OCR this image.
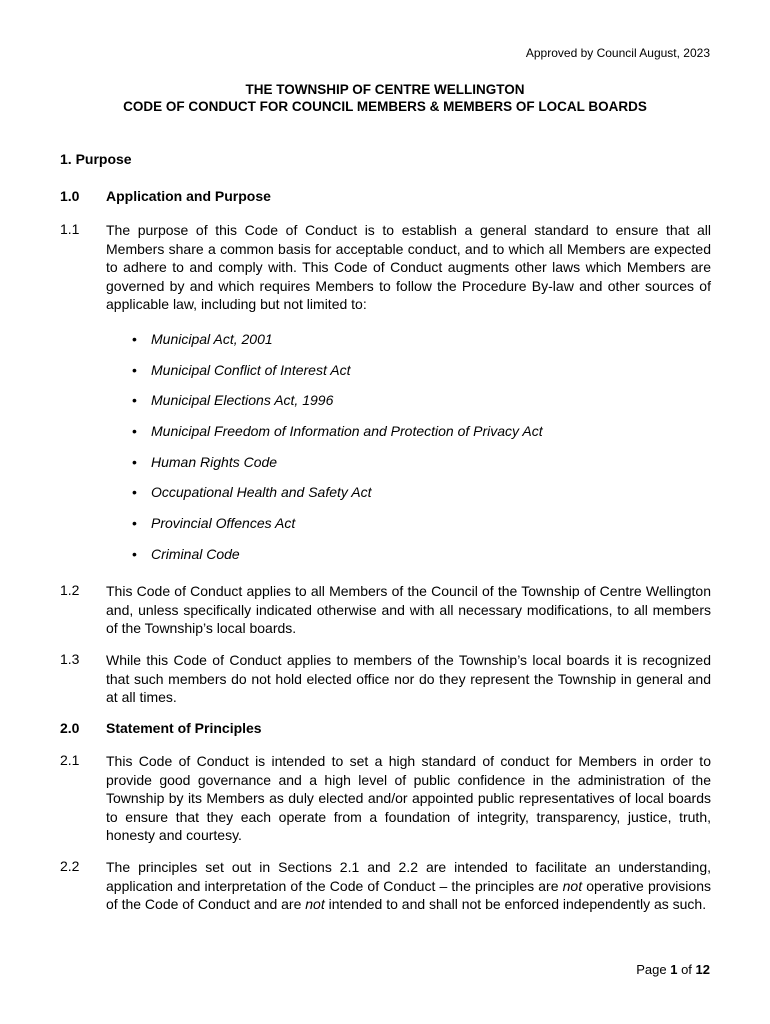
Approved by Council August, 2023
THE TOWNSHIP OF CENTRE WELLINGTON
CODE OF CONDUCT FOR COUNCIL MEMBERS & MEMBERS OF LOCAL BOARDS
1. Purpose
1.0 Application and Purpose
1.1 The purpose of this Code of Conduct is to establish a general standard to ensure that all Members share a common basis for acceptable conduct, and to which all Members are expected to adhere to and comply with. This Code of Conduct augments other laws which Members are governed by and which requires Members to follow the Procedure By-law and other sources of applicable law, including but not limited to:
• Municipal Act, 2001
• Municipal Conflict of Interest Act
• Municipal Elections Act, 1996
• Municipal Freedom of Information and Protection of Privacy Act
• Human Rights Code
• Occupational Health and Safety Act
• Provincial Offences Act
• Criminal Code
1.2 This Code of Conduct applies to all Members of the Council of the Township of Centre Wellington and, unless specifically indicated otherwise and with all necessary modifications, to all members of the Township’s local boards.
1.3 While this Code of Conduct applies to members of the Township’s local boards it is recognized that such members do not hold elected office nor do they represent the Township in general and at all times.
2.0 Statement of Principles
2.1 This Code of Conduct is intended to set a high standard of conduct for Members in order to provide good governance and a high level of public confidence in the administration of the Township by its Members as duly elected and/or appointed public representatives of local boards to ensure that they each operate from a foundation of integrity, transparency, justice, truth, honesty and courtesy.
2.2 The principles set out in Sections 2.1 and 2.2 are intended to facilitate an understanding, application and interpretation of the Code of Conduct – the principles are not operative provisions of the Code of Conduct and are not intended to and shall not be enforced independently as such.
Page 1 of 12
